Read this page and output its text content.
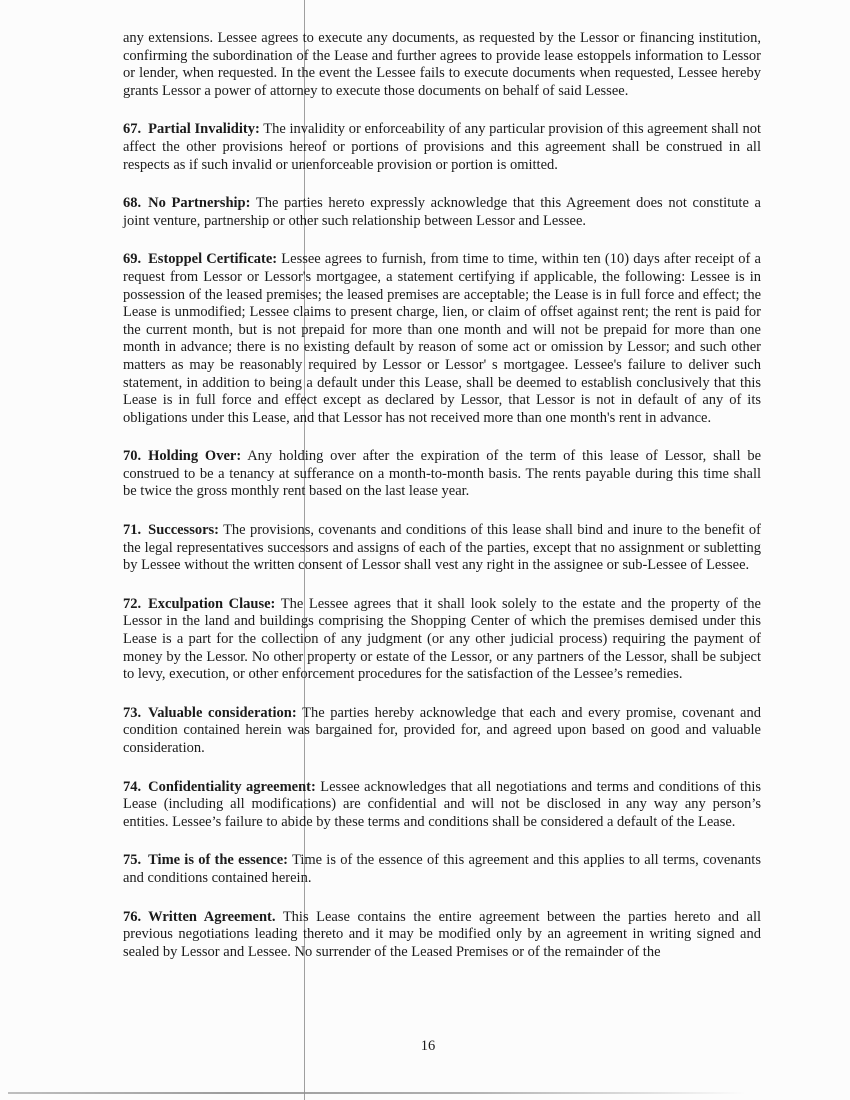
any extensions. Lessee agrees to execute any documents, as requested by the Lessor or financing institution, confirming the subordination of the Lease and further agrees to provide lease estoppels information to Lessor or lender, when requested. In the event the Lessee fails to execute documents when requested, Lessee hereby grants Lessor a power of attorney to execute those documents on behalf of said Lessee.

67. Partial Invalidity: The invalidity or enforceability of any particular provision of this agreement shall not affect the other provisions hereof or portions of provisions and this agreement shall be construed in all respects as if such invalid or unenforceable provision or portion is omitted.

68. No Partnership: The parties hereto expressly acknowledge that this Agreement does not constitute a joint venture, partnership or other such relationship between Lessor and Lessee.

69. Estoppel Certificate: Lessee agrees to furnish, from time to time, within ten (10) days after receipt of a request from Lessor or Lessor's mortgagee, a statement certifying if applicable, the following: Lessee is in possession of the leased premises; the leased premises are acceptable; the Lease is in full force and effect; the Lease is unmodified; Lessee claims to present charge, lien, or claim of offset against rent; the rent is paid for the current month, but is not prepaid for more than one month and will not be prepaid for more than one month in advance; there is no existing default by reason of some act or omission by Lessor; and such other matters as may be reasonably required by Lessor or Lessor' s mortgagee. Lessee's failure to deliver such statement, in addition to being a default under this Lease, shall be deemed to establish conclusively that this Lease is in full force and effect except as declared by Lessor, that Lessor is not in default of any of its obligations under this Lease, and that Lessor has not received more than one month's rent in advance.

70. Holding Over: Any holding over after the expiration of the term of this lease of Lessor, shall be construed to be a tenancy at sufferance on a month-to-month basis. The rents payable during this time shall be twice the gross monthly rent based on the last lease year.

71. Successors: The provisions, covenants and conditions of this lease shall bind and inure to the benefit of the legal representatives successors and assigns of each of the parties, except that no assignment or subletting by Lessee without the written consent of Lessor shall vest any right in the assignee or sub-Lessee of Lessee.

72. Exculpation Clause: The Lessee agrees that it shall look solely to the estate and the property of the Lessor in the land and buildings comprising the Shopping Center of which the premises demised under this Lease is a part for the collection of any judgment (or any other judicial process) requiring the payment of money by the Lessor. No other property or estate of the Lessor, or any partners of the Lessor, shall be subject to levy, execution, or other enforcement procedures for the satisfaction of the Lessee’s remedies.

73. Valuable consideration: The parties hereby acknowledge that each and every promise, covenant and condition contained herein was bargained for, provided for, and agreed upon based on good and valuable consideration.

74. Confidentiality agreement: Lessee acknowledges that all negotiations and terms and conditions of this Lease (including all modifications) are confidential and will not be disclosed in any way any person’s entities. Lessee’s failure to abide by these terms and conditions shall be considered a default of the Lease.

75. Time is of the essence: Time is of the essence of this agreement and this applies to all terms, covenants and conditions contained herein.

76. Written Agreement. This Lease contains the entire agreement between the parties hereto and all previous negotiations leading thereto and it may be modified only by an agreement in writing signed and sealed by Lessor and Lessee. No surrender of the Leased Premises or of the remainder of the

16
